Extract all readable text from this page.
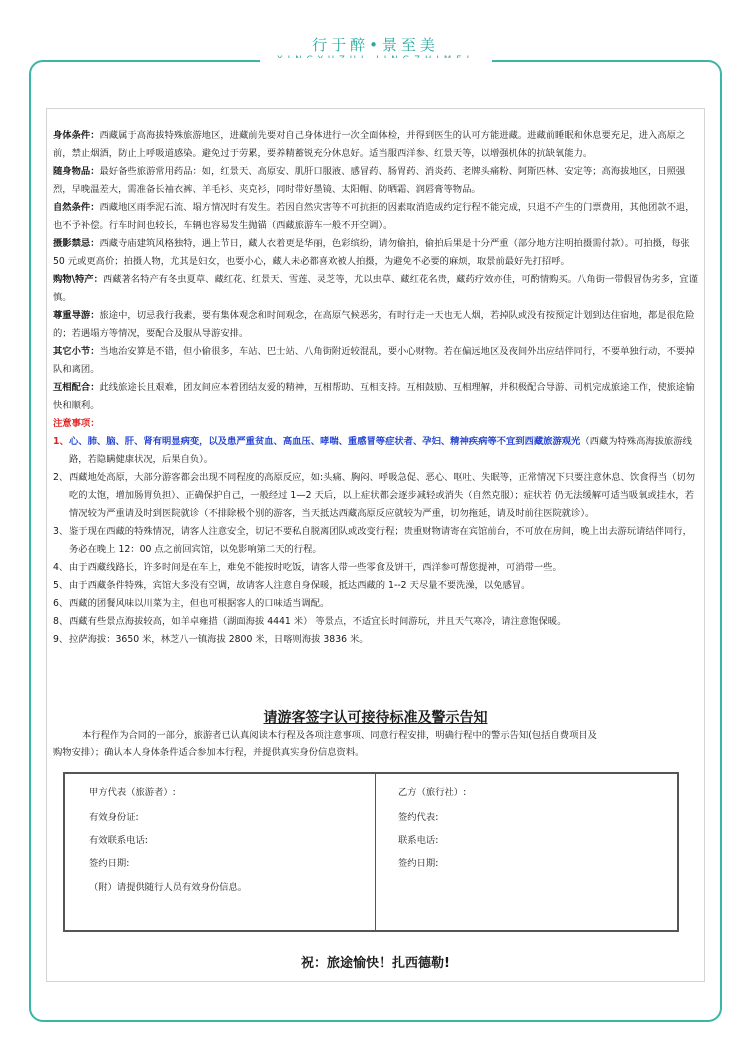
行于醉•景至美

身体条件：西藏属于高海拔特殊旅游地区，进藏前先要对自己身体进行一次全面体检，并得到医生的认可方能进藏。进藏前睡眠和休息要充足，进入高原之前，禁止烟酒，防止上呼吸道感染。避免过于劳累，要养精蓄锐充分休息好。适当服西洋参、红景天等，以增强机体的抗缺氧能力。

随身物品：最好备些旅游常用药品：如，红景天、高原安、肌肝口服液、感冒药、肠胃药、消炎药、老牌头痛粉、阿斯匹林、安定等；高海拔地区，日照强烈，早晚温差大，需准备长袖衣裤、羊毛衫、夹克衫，同时带好墨镜、太阳帽、防晒霜、润唇膏等物品。

自然条件：西藏地区雨季泥石流、塌方情况时有发生。若因自然灾害等不可抗拒的因素取消造成约定行程不能完成，只退不产生的门票费用，其他团款不退，也不予补偿。行车时间也较长，车辆也容易发生抛锚（西藏旅游车一般不开空调）。

摄影禁忌：西藏寺庙建筑风格独特，遇上节日，藏人衣着更是华丽，色彩缤纷，请勿偷拍，偷拍后果是十分严重（部分地方注明拍摄需付款）。可拍摄，每张 50 元或更高价；拍摄人物，尤其是妇女，也要小心，藏人未必都喜欢被人拍摄，为避免不必要的麻烦，取景前最好先打招呼。

购物\特产：西藏著名特产有冬虫夏草、藏红花、红景天、雪莲、灵芝等，尤以虫草、藏红花名贵，藏药疗效亦佳，可酌情购买。八角街一带假冒伪劣多，宜谨慎。

尊重导游：旅途中，切忌我行我素，要有集体观念和时间观念，在高原气候恶劣，有时行走一天也无人烟，若掉队或没有按预定计划到达住宿地，都是很危险的；若遇塌方等情况，要配合及服从导游安排。

其它小节：当地治安算是不错，但小偷很多，车站、巴士站、八角街附近较混乱，要小心财物。若在偏远地区及夜间外出应结伴同行，不要单独行动，不要掉队和离团。

互相配合：此线旅途长且艰难，团友间应本着团结友爱的精神，互相帮助、互相支持。互相鼓励、互相理解，并积极配合导游、司机完成旅途工作，使旅途愉快和顺利。

注意事项：
1、 心、肺、脑、肝、肾有明显病变，以及患严重贫血、高血压、哮喘、重感冒等症状者、孕妇、精神疾病等不宜到西藏旅游观光（西藏为特殊高海拔旅游线路，若隐瞒健康状况，后果自负）。
2、 西藏地处高原，大部分游客都会出现不同程度的高原反应，如:头痛、胸闷、呼吸急促、恶心、呕吐、失眠等，正常情况下只要注意休息、饮食得当（切勿吃的太饱，增加肠胃负担）、正确保护自己，一般经过 1—2 天后，以上症状都会逐步减轻或消失（自然克服）；症状若 仍无法缓解可适当吸氧或挂水，若情况较为严重请及时到医院就诊（不排除极个别的游客，当天抵达西藏高原反应就较为严重，切勿拖延，请及时前往医院就诊）。
3、 鉴于现在西藏的特殊情况，请客人注意安全，切记不要私自脱离团队或改变行程；贵重财物请寄在宾馆前台，不可放在房间，晚上出去游玩请结伴同行，务必在晚上 12：00 点之前回宾馆，以免影响第二天的行程。
4、 由于西藏线路长，许多时间是在车上，难免不能按时吃饭，请客人带一些零食及饼干，西洋参可帮您提神，可消带一些。
5、 由于西藏条件特殊，宾馆大多没有空调，故请客人注意自身保暖，抵达西藏的 1--2 天尽量不要洗澡，以免感冒。
6、 西藏的团餐风味以川菜为主，但也可根据客人的口味适当调配。
8、 西藏有些景点海拔较高，如羊卓雍措（湖面海拔 4441 米） 等景点，不适宜长时间游玩，并且天气寒冷，请注意饱保暖。
9、 拉萨海拔：3650 米，林芝八一镇海拔 2800 米，日喀则海拔 3836 米。
请游客签字认可接待标准及警示告知
本行程作为合同的一部分，旅游者已认真阅读本行程及各项注意事项、同意行程安排，明确行程中的警示告知(包括自费项目及
购物安排）；确认本人身体条件适合参加本行程，并提供真实身份信息资料。
甲方代表（旅游者）:
有效身份证:
有效联系电话:
签约日期:
（附）请提供随行人员有效身份信息。
乙方（旅行社）:
签约代表:
联系电话:
签约日期:
祝：旅途愉快！扎西德勒!
